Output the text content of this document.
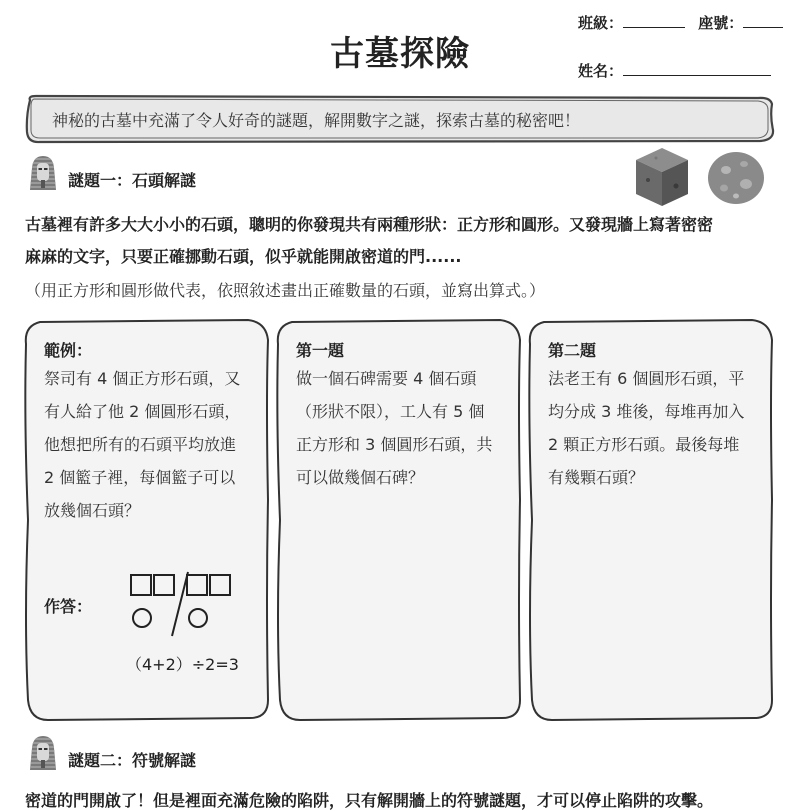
古墓探險
班級：	座號：
姓名：
神秘的古墓中充滿了令人好奇的謎題，解開數字之謎，探索古墓的秘密吧！
謎題一：石頭解謎
古墓裡有許多大大小小的石頭，聰明的你發現共有兩種形狀：正方形和圓形。又發現牆上寫著密密
麻麻的文字，只要正確挪動石頭，似乎就能開啟密道的門......
（用正方形和圓形做代表，依照敘述畫出正確數量的石頭，並寫出算式。）
範例：
祭司有 4 個正方形石頭，又
有人給了他 2 個圓形石頭，
他想把所有的石頭平均放進
2 個籃子裡，每個籃子可以
放幾個石頭？
作答：
（4+2）÷2=3
第一題
做一個石碑需要 4 個石頭
（形狀不限），工人有 5 個
正方形和 3 個圓形石頭，共
可以做幾個石碑？
第二題
法老王有 6 個圓形石頭，平
均分成 3 堆後，每堆再加入
2 顆正方形石頭。最後每堆
有幾顆石頭？
謎題二：符號解謎
密道的門開啟了！但是裡面充滿危險的陷阱，只有解開牆上的符號謎題，才可以停止陷阱的攻擊。
